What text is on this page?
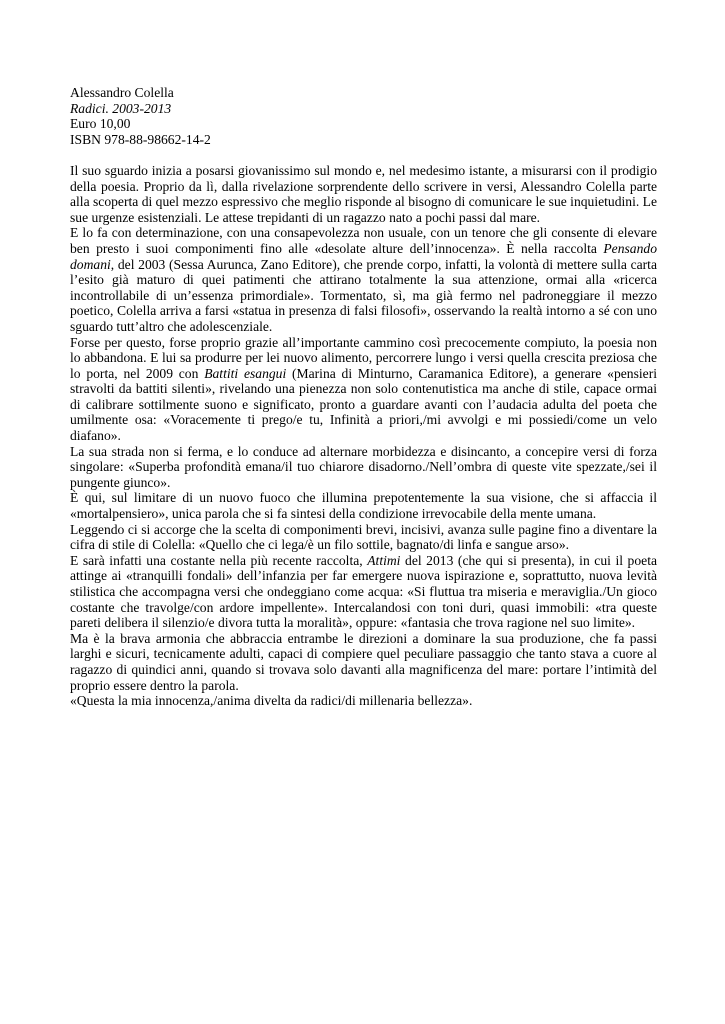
Alessandro Colella
Radici. 2003-2013
Euro 10,00
ISBN 978-88-98662-14-2

Il suo sguardo inizia a posarsi giovanissimo sul mondo e, nel medesimo istante, a misurarsi con il prodigio della poesia. Proprio da lì, dalla rivelazione sorprendente dello scrivere in versi, Alessandro Colella parte alla scoperta di quel mezzo espressivo che meglio risponde al bisogno di comunicare le sue inquietudini. Le sue urgenze esistenziali. Le attese trepidanti di un ragazzo nato a pochi passi dal mare.

E lo fa con determinazione, con una consapevolezza non usuale, con un tenore che gli consente di elevare ben presto i suoi componimenti fino alle «desolate alture dell’innocenza». È nella raccolta Pensando domani, del 2003 (Sessa Aurunca, Zano Editore), che prende corpo, infatti, la volontà di mettere sulla carta l’esito già maturo di quei patimenti che attirano totalmente la sua attenzione, ormai alla «ricerca incontrollabile di un’essenza primordiale». Tormentato, sì, ma già fermo nel padroneggiare il mezzo poetico, Colella arriva a farsi «statua in presenza di falsi filosofi», osservando la realtà intorno a sé con uno sguardo tutt’altro che adolescenziale.

Forse per questo, forse proprio grazie all’importante cammino così precocemente compiuto, la poesia non lo abbandona. E lui sa produrre per lei nuovo alimento, percorrere lungo i versi quella crescita preziosa che lo porta, nel 2009 con Battiti esangui (Marina di Minturno, Caramanica Editore), a generare «pensieri stravolti da battiti silenti», rivelando una pienezza non solo contenutistica ma anche di stile, capace ormai di calibrare sottilmente suono e significato, pronto a guardare avanti con l’audacia adulta del poeta che umilmente osa: «Voracemente ti prego/e tu, Infinità a priori,/mi avvolgi e mi possiedi/come un velo diafano».

La sua strada non si ferma, e lo conduce ad alternare morbidezza e disincanto, a concepire versi di forza singolare: «Superba profondità emana/il tuo chiarore disadorno./Nell’ombra di queste vite spezzate,/sei il pungente giunco».

È qui, sul limitare di un nuovo fuoco che illumina prepotentemente la sua visione, che si affaccia il «mortalpensiero», unica parola che si fa sintesi della condizione irrevocabile della mente umana.

Leggendo ci si accorge che la scelta di componimenti brevi, incisivi, avanza sulle pagine fino a diventare la cifra di stile di Colella: «Quello che ci lega/è un filo sottile, bagnato/di linfa e sangue arso».

E sarà infatti una costante nella più recente raccolta, Attimi del 2013 (che qui si presenta), in cui il poeta attinge ai «tranquilli fondali» dell’infanzia per far emergere nuova ispirazione e, soprattutto, nuova levità stilistica che accompagna versi che ondeggiano come acqua: «Si fluttua tra miseria e meraviglia./Un gioco costante che travolge/con ardore impellente». Intercalandosi con toni duri, quasi immobili: «tra queste pareti delibera il silenzio/e divora tutta la moralità», oppure: «fantasia che trova ragione nel suo limite».

Ma è la brava armonia che abbraccia entrambe le direzioni a dominare la sua produzione, che fa passi larghi e sicuri, tecnicamente adulti, capaci di compiere quel peculiare passaggio che tanto stava a cuore al ragazzo di quindici anni, quando si trovava solo davanti alla magnificenza del mare: portare l’intimità del proprio essere dentro la parola.

«Questa la mia innocenza,/anima divelta da radici/di millenaria bellezza».
